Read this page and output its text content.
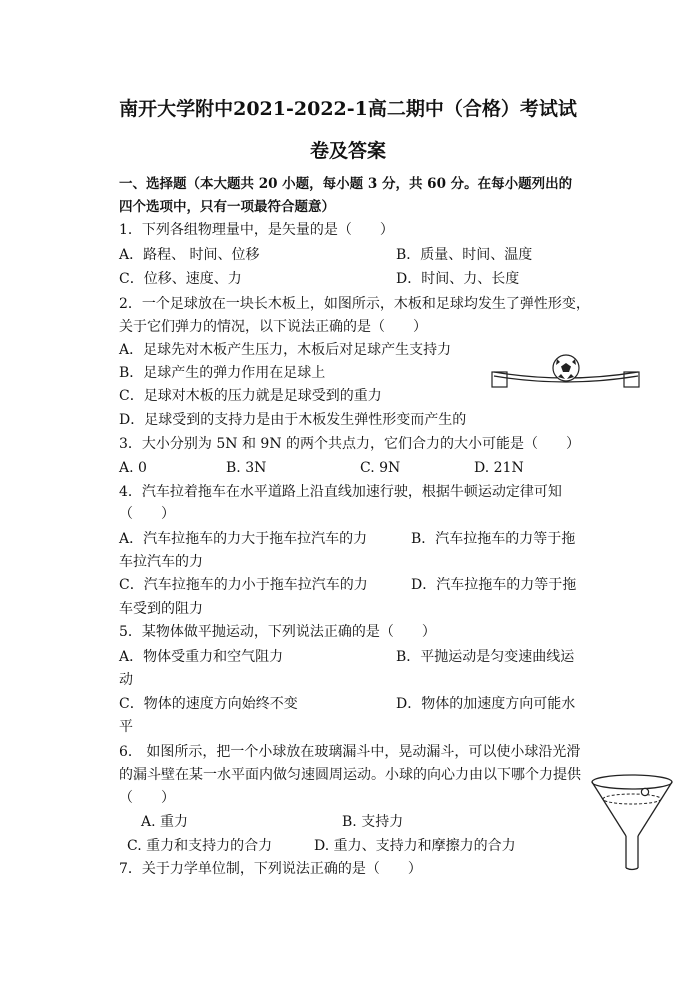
南开大学附中2021-2022-1高二期中（合格）考试试
卷及答案
一、选择题（本大题共 20 小题，每小题 3 分，共 60 分。在每小题列出的
四个选项中，只有一项最符合题意）
1．下列各组物理量中，是矢量的是（　　）
A．路程、 时间、位移	B．质量、时间、温度
C．位移、速度、力	D．时间、力、长度
2．一个足球放在一块长木板上，如图所示，木板和足球均发生了弹性形变，
关于它们弹力的情况，以下说法正确的是（　　）
A．足球先对木板产生压力，木板后对足球产生支持力
B．足球产生的弹力作用在足球上
C．足球对木板的压力就是足球受到的重力
D．足球受到的支持力是由于木板发生弹性形变而产生的
3．大小分别为 5N 和 9N 的两个共点力，它们合力的大小可能是（　　）
A. 0	B. 3N	C. 9N	D. 21N
4．汽车拉着拖车在水平道路上沿直线加速行驶，根据牛顿运动定律可知
（　　）
A．汽车拉拖车的力大于拖车拉汽车的力	B．汽车拉拖车的力等于拖
车拉汽车的力
C．汽车拉拖车的力小于拖车拉汽车的力	D．汽车拉拖车的力等于拖
车受到的阻力
5．某物体做平抛运动，下列说法正确的是（　　）
A．物体受重力和空气阻力	B．平抛运动是匀变速曲线运
动
C．物体的速度方向始终不变	D．物体的加速度方向可能水
平
6． 如图所示，把一个小球放在玻璃漏斗中，晃动漏斗，可以使小球沿光滑
的漏斗壁在某一水平面内做匀速圆周运动。小球的向心力由以下哪个力提供
（　　）
A. 重力	B. 支持力
C. 重力和支持力的合力	D. 重力、支持力和摩擦力的合力
7．关于力学单位制，下列说法正确的是（　　）
